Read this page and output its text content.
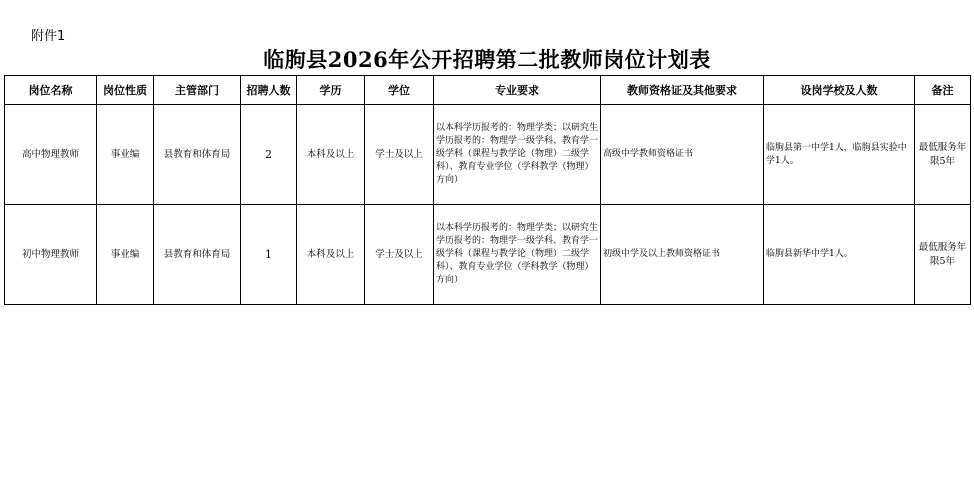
附件1
临朐县2026年公开招聘第二批教师岗位计划表
岗位名称	岗位性质	主管部门	招聘人数	学历	学位	专业要求	教师资格证及其他要求	设岗学校及人数	备注
高中物理教师	事业编	县教育和体育局	2	本科及以上	学士及以上	以本科学历报考的：物理学类；以研究生学历报考的：物理学一级学科、教育学一级学科（课程与教学论（物理）二级学科）、教育专业学位（学科教学（物理）方向）	高级中学教师资格证书	临朐县第一中学1人，临朐县实验中学1人。	最低服务年限5年
初中物理教师	事业编	县教育和体育局	1	本科及以上	学士及以上	以本科学历报考的：物理学类；以研究生学历报考的：物理学一级学科、教育学一级学科（课程与教学论（物理）二级学科）、教育专业学位（学科教学（物理）方向）	初级中学及以上教师资格证书	临朐县新华中学1人。	最低服务年限5年
